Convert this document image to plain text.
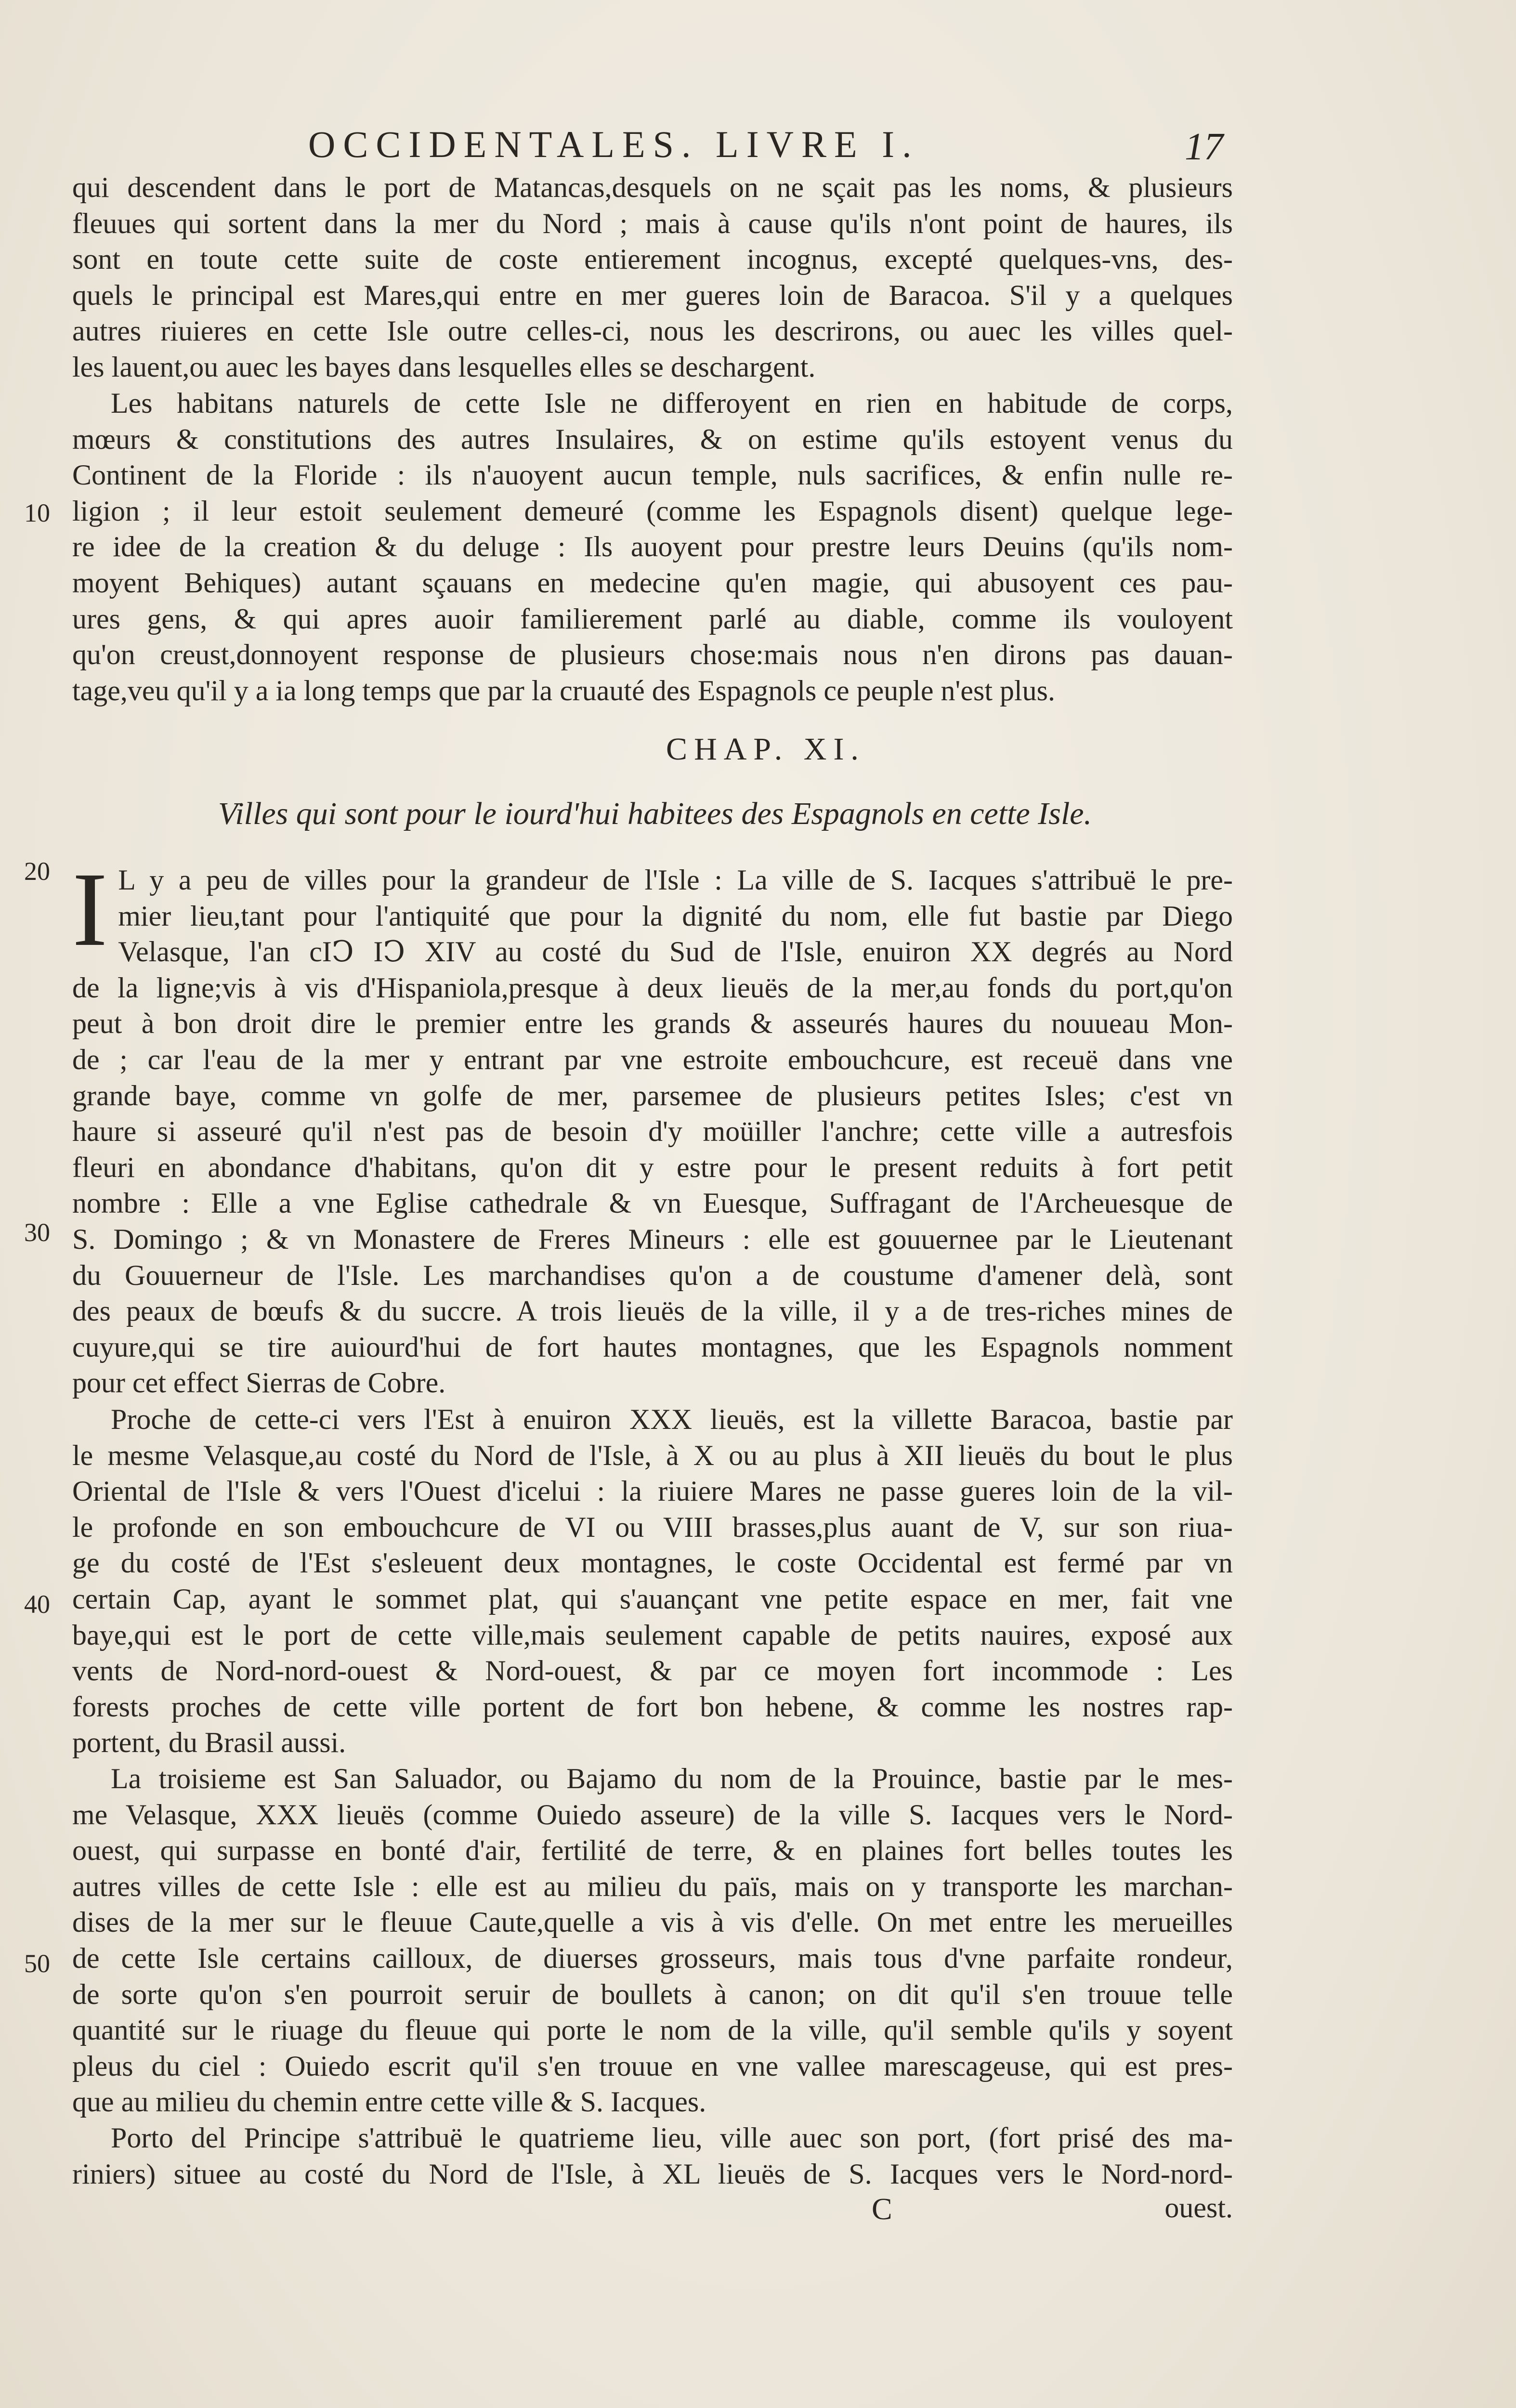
OCCIDENTALES. LIVRE I.	17
qui descendent dans le port de Matancas,desquels on ne sçait pas les noms, & plusieurs
fleuues qui sortent dans la mer du Nord ; mais à cause qu'ils n'ont point de haures, ils
sont en toute cette suite de coste entierement incognus, excepté quelques-vns, des-
quels le principal est Mares,qui entre en mer gueres loin de Baracoa. S'il y a quelques
autres riuieres en cette Isle outre celles-ci, nous les descrirons, ou auec les villes quel-
les lauent,ou auec les bayes dans lesquelles elles se deschargent.
Les habitans naturels de cette Isle ne differoyent en rien en habitude de corps,
mœurs & constitutions des autres Insulaires, & on estime qu'ils estoyent venus du
Continent de la Floride : ils n'auoyent aucun temple, nuls sacrifices, & enfin nulle re-
ligion ; il leur estoit seulement demeuré (comme les Espagnols disent) quelque lege-
re idee de la creation & du deluge : Ils auoyent pour prestre leurs Deuins (qu'ils nom-
moyent Behiques) autant sçauans en medecine qu'en magie, qui abusoyent ces pau-
ures gens, & qui apres auoir familierement parlé au diable, comme ils vouloyent
qu'on creust,donnoyent response de plusieurs chose:mais nous n'en dirons pas dauan-
tage,veu qu'il y a ia long temps que par la cruauté des Espagnols ce peuple n'est plus.
CHAP. XI.
Villes qui sont pour le iourd'hui habitees des Espagnols en cette Isle.
I L y a peu de villes pour la grandeur de l'Isle : La ville de S. Iacques s'attribuë le pre-
mier lieu,tant pour l'antiquité que pour la dignité du nom, elle fut bastie par Diego
Velasque, l'an cIↃ IↃ XIV au costé du Sud de l'Isle, enuiron XX degrés au Nord
de la ligne;vis à vis d'Hispaniola,presque à deux lieuës de la mer,au fonds du port,qu'on
peut à bon droit dire le premier entre les grands & asseurés haures du nouueau Mon-
de ; car l'eau de la mer y entrant par vne estroite embouchcure, est receuë dans vne
grande baye, comme vn golfe de mer, parsemee de plusieurs petites Isles; c'est vn
haure si asseuré qu'il n'est pas de besoin d'y moüiller l'anchre; cette ville a autresfois
fleuri en abondance d'habitans, qu'on dit y estre pour le present reduits à fort petit
nombre : Elle a vne Eglise cathedrale & vn Euesque, Suffragant de l'Archeuesque de
S. Domingo ; & vn Monastere de Freres Mineurs : elle est gouuernee par le Lieutenant
du Gouuerneur de l'Isle. Les marchandises qu'on a de coustume d'amener delà, sont
des peaux de bœufs & du succre. A trois lieuës de la ville, il y a de tres-riches mines de
cuyure,qui se tire auiourd'hui de fort hautes montagnes, que les Espagnols nomment
pour cet effect Sierras de Cobre.
Proche de cette-ci vers l'Est à enuiron XXX lieuës, est la villette Baracoa, bastie par
le mesme Velasque,au costé du Nord de l'Isle, à X ou au plus à XII lieuës du bout le plus
Oriental de l'Isle & vers l'Ouest d'icelui : la riuiere Mares ne passe gueres loin de la vil-
le profonde en son embouchcure de VI ou VIII brasses,plus auant de V, sur son riua-
ge du costé de l'Est s'esleuent deux montagnes, le coste Occidental est fermé par vn
certain Cap, ayant le sommet plat, qui s'auançant vne petite espace en mer, fait vne
baye,qui est le port de cette ville,mais seulement capable de petits nauires, exposé aux
vents de Nord-nord-ouest & Nord-ouest, & par ce moyen fort incommode : Les
forests proches de cette ville portent de fort bon hebene, & comme les nostres rap-
portent, du Brasil aussi.
La troisieme est San Saluador, ou Bajamo du nom de la Prouince, bastie par le mes-
me Velasque, XXX lieuës (comme Ouiedo asseure) de la ville S. Iacques vers le Nord-
ouest, qui surpasse en bonté d'air, fertilité de terre, & en plaines fort belles toutes les
autres villes de cette Isle : elle est au milieu du païs, mais on y transporte les marchan-
dises de la mer sur le fleuue Caute,quelle a vis à vis d'elle. On met entre les merueilles
de cette Isle certains cailloux, de diuerses grosseurs, mais tous d'vne parfaite rondeur,
de sorte qu'on s'en pourroit seruir de boullets à canon; on dit qu'il s'en trouue telle
quantité sur le riuage du fleuue qui porte le nom de la ville, qu'il semble qu'ils y soyent
pleus du ciel : Ouiedo escrit qu'il s'en trouue en vne vallee marescageuse, qui est pres-
que au milieu du chemin entre cette ville & S. Iacques.
Porto del Principe s'attribuë le quatrieme lieu, ville auec son port, (fort prisé des ma-
riniers) situee au costé du Nord de l'Isle, à XL lieuës de S. Iacques vers le Nord-nord-
10
20
30
40
50
C	ouest.
